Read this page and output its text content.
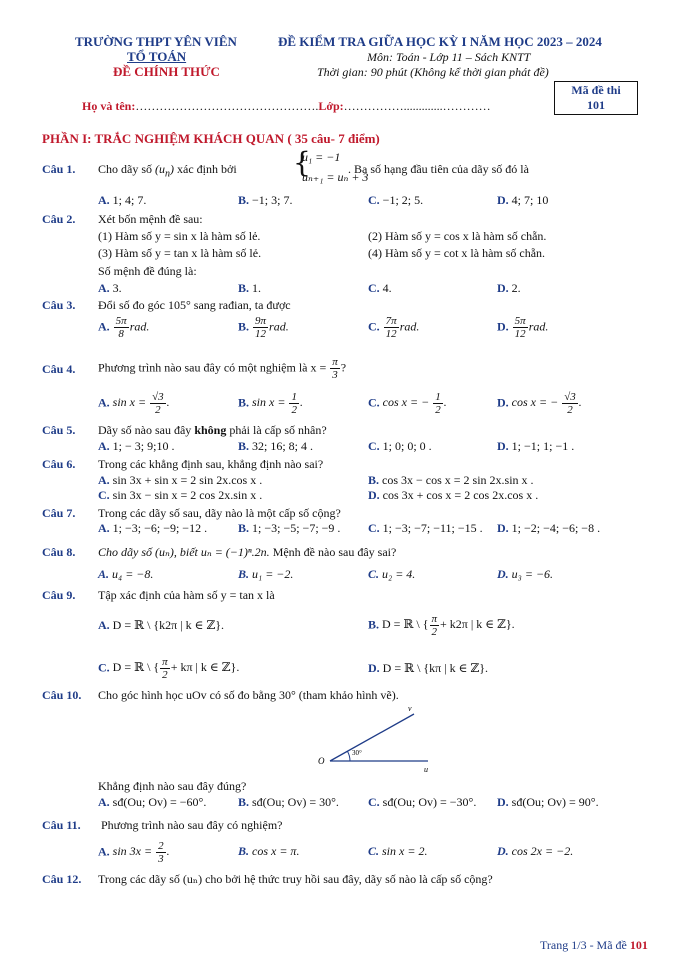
TRƯỜNG THPT YÊN VIÊN
TỔ TOÁN
ĐỀ CHÍNH THỨC
ĐỀ KIỂM TRA GIỮA HỌC KỲ I NĂM HỌC 2023 – 2024
Môn: Toán - Lớp 11 – Sách KNTT
Thời gian: 90 phút (Không kể thời gian phát đề)
Mã đề thi
101
Họ và tên:……………………………………….Lớp:…………….............…………
PHẦN I: TRẮC NGHIỆM KHÁCH QUAN ( 35 câu- 7 điểm)
Câu 1. Cho dãy số $(u_n)$ xác định bởi {
u₁ = −1
uₙ₊₁ = uₙ + 3
. Ba số hạng đầu tiên của dãy số đó là
A. 1; 4; 7.	B. −1; 3; 7.	C. −1; 2; 5.	D. 4; 7; 10
Câu 2. Xét bốn mệnh đề sau:
(1) Hàm số y = sin x là hàm số lẻ.	(2) Hàm số y = cos x là hàm số chẵn.
(3) Hàm số y = tan x là hàm số lẻ.	(4) Hàm số y = cot x là hàm số chẵn.
Số mệnh đề đúng là:
A. 3.	B. 1.	C. 4.	D. 2.
Câu 3. Đổi số đo góc 105° sang rađian, ta được
A. $\frac{5\pi}{8}$ rad.	B. $\frac{9\pi}{12}$ rad.	C. $\frac{7\pi}{12}$ rad.	D. $\frac{5\pi}{12}$ rad.
Câu 4. Phương trình nào sau đây có một nghiệm là $x = \frac{\pi}{3}$ ?
A. $\sin x = \frac{√3}{2}$ .	B. $\sin x = \frac{1}{2}$ .	C. cos x = − $\frac{1}{2}$ .	D. cos x = − $\frac{√3}{2}$ .
Câu 5. Dãy số nào sau đây không phải là cấp số nhân?
A. 1; − 3; 9;10 .	B. 32; 16; 8; 4 .	C. 1; 0; 0; 0 .	D. 1; −1; 1; −1 .
Câu 6. Trong các khẳng định sau, khẳng định nào sai?
A. sin 3x + sin x = 2 sin 2x.cos x .	B. cos 3x − cos x = 2 sin 2x.sin x .
C. sin 3x − sin x = 2 cos 2x.sin x .	D. cos 3x + cos x = 2 cos 2x.cos x .
Câu 7. Trong các dãy số sau, dãy nào là một cấp số cộng?
A. 1; −3; −6; −9; −12 .	B. 1; −3; −5; −7; −9 . C. 1; −3; −7; −11; −15 . D. 1; −2; −4; −6; −8 .
Câu 8. Cho dãy số (uₙ), biết uₙ = (−1)ⁿ.2n. Mệnh đề nào sau đây sai?
A. u₄ = −8.	B. u₁ = −2.	C. u₂ = 4.	D. u₃ = −6.
Câu 9. Tập xác định của hàm số y = tan x là
A. D = ℝ \ {k2π | k ∈ ℤ}.	B. D = ℝ \ { $\frac{\pi}{2} + k2\pi$ | k ∈ ℤ}.
C. D = ℝ \ { $\frac{\pi}{2} + k\pi$ | k ∈ ℤ}.	D. D = ℝ \ {kπ | k ∈ ℤ}.
Câu 10. Cho góc hình học uOv có số đo bằng 30° (tham khảo hình vẽ).
O
u
v
30°
Khẳng định nào sau đây đúng?
A. sđ(Ou; Ov) = −60°.	B. sđ(Ou; Ov) = 30°. C. sđ(Ou; Ov) = −30°. D. sđ(Ou; Ov) = 90°.
Câu 11. Phương trình nào sau đây có nghiệm?
A. $\sin 3x = \frac{2}{3}$ .	B. cos x = π.	C. sin x = 2.	D. cos 2x = −2.
Câu 12. Trong các dãy số (uₙ) cho bởi hệ thức truy hồi sau đây, dãy số nào là cấp số cộng?
Trang 1/3 - Mã đề 101
